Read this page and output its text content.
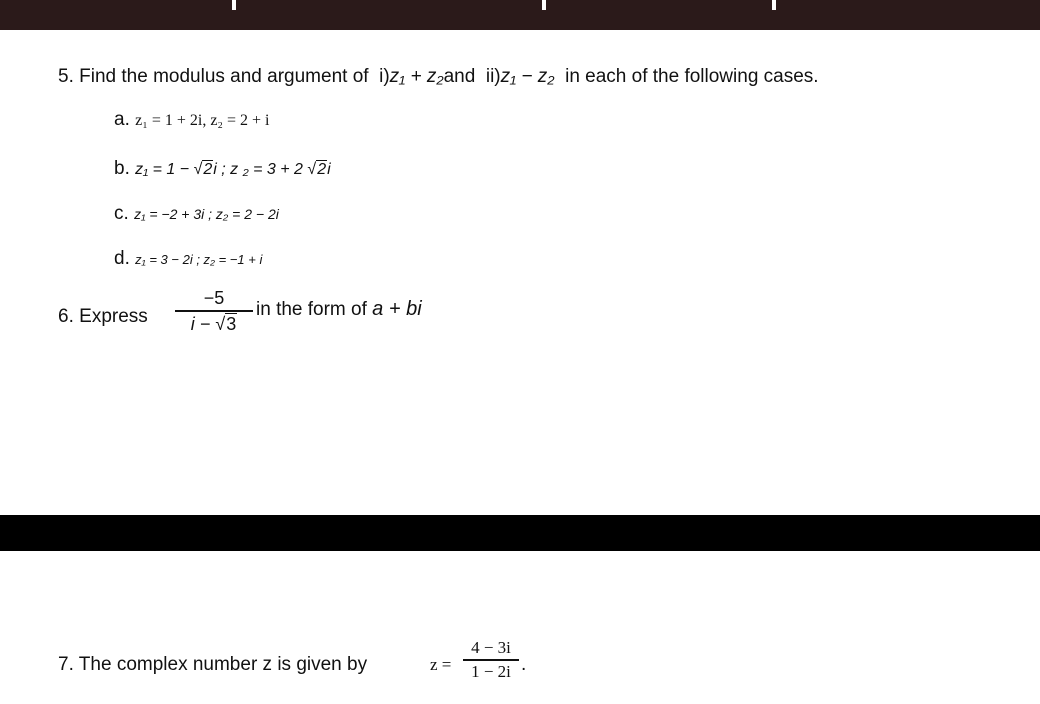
5. Find the modulus and argument of i)z₁ + z₂and ii)z₁ − z₂ in each of the following cases.
a. z₁ = 1 + 2i, z₂ = 2 + i
b. z₁ = 1 − √2i ; z ₂ = 3 + 2 √2i
c. z₁ = −2 + 3i ; z₂ = 2 − 2i
d. z₁ = 3 − 2i ; z₂ = −1 + i
6. Express
−5
i − √3
in the form of a + bi
7. The complex number z is given by	z =
4 − 3i
1 − 2i .
